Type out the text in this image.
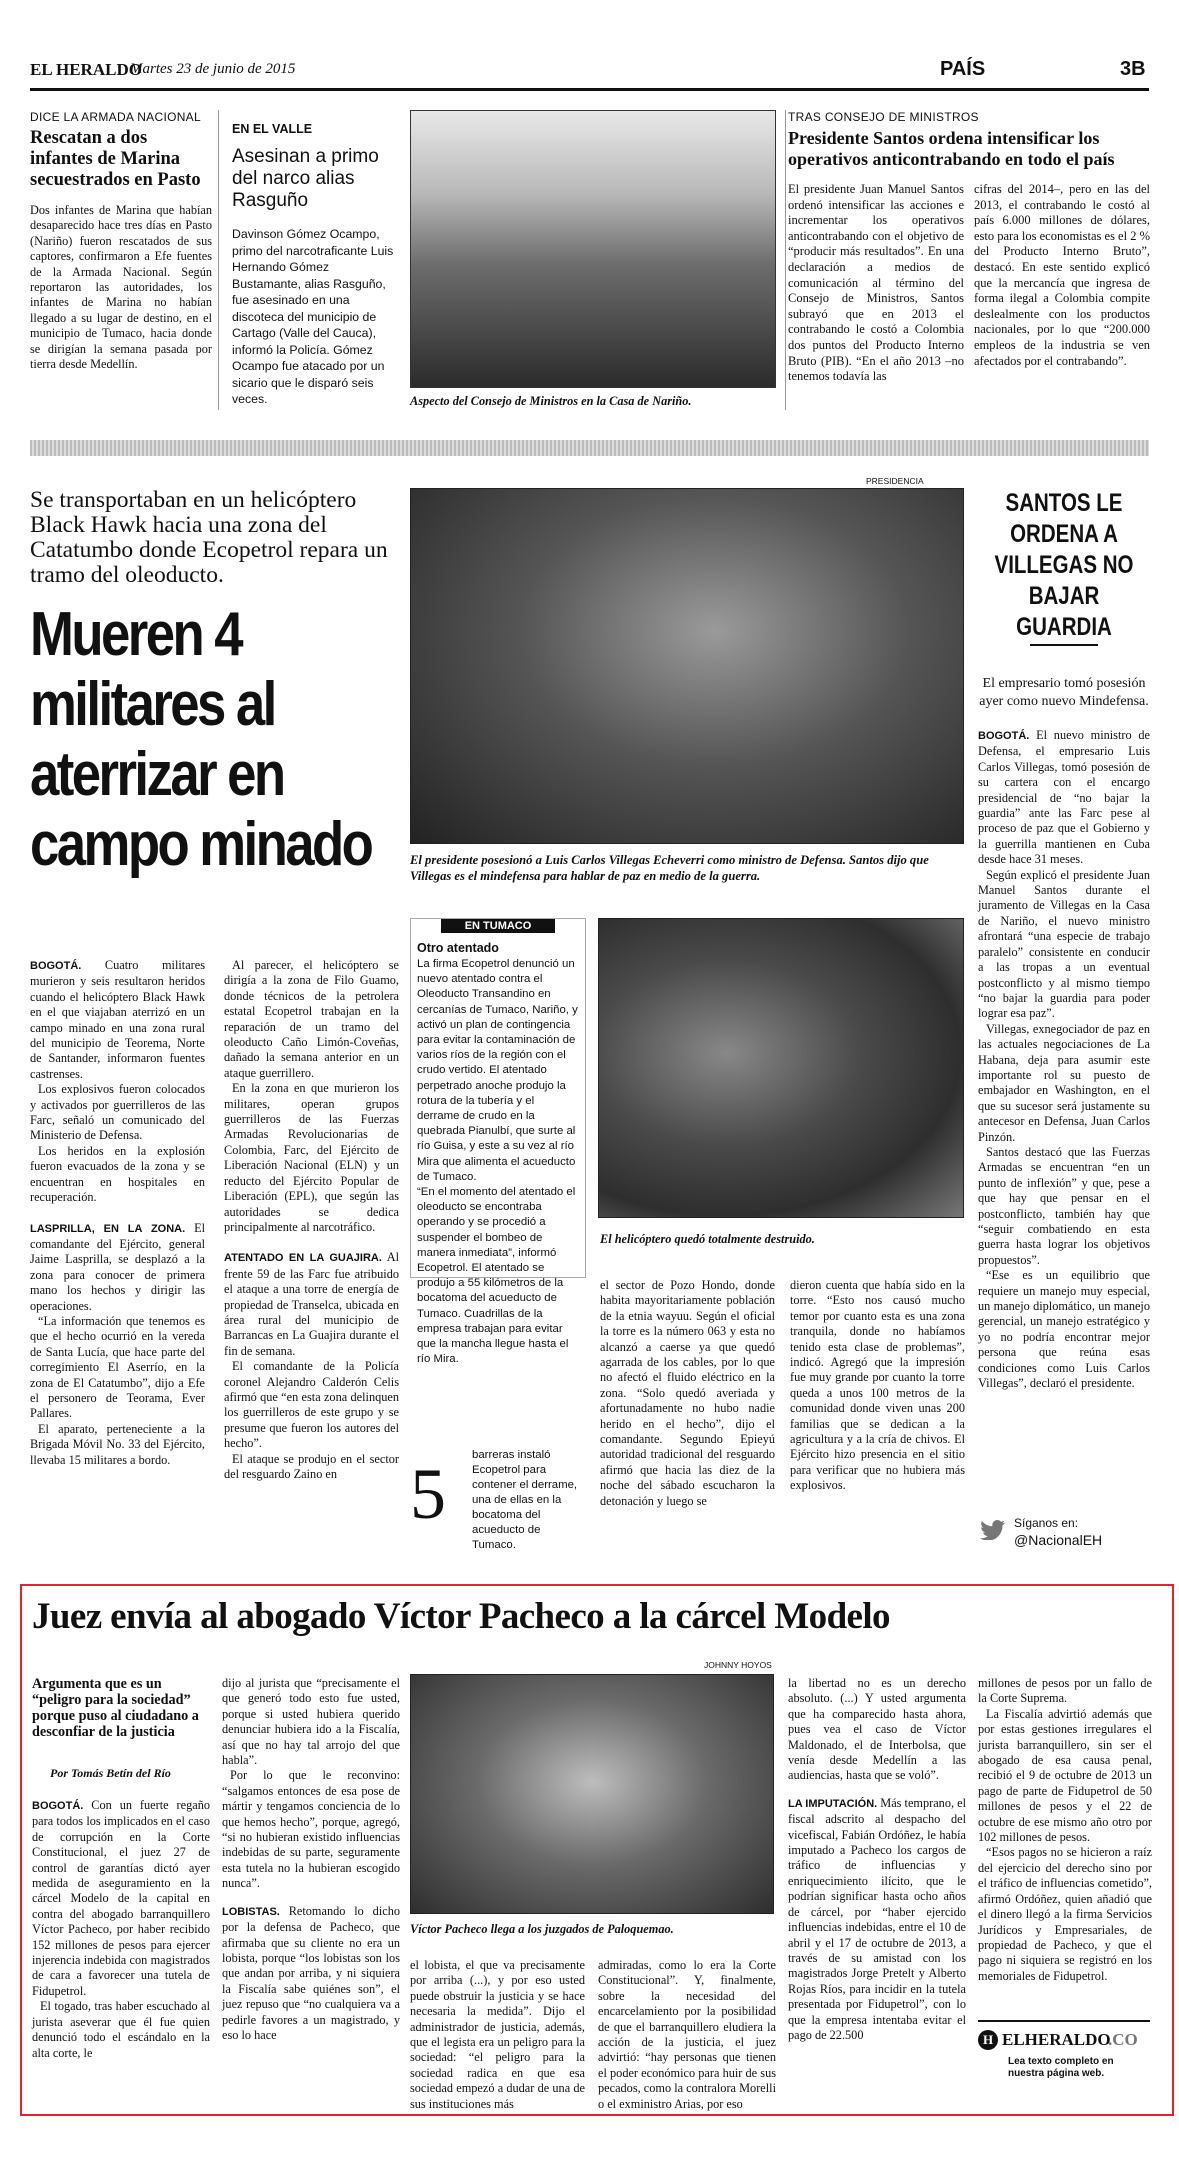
EL HERALDO
Martes 23 de junio de 2015	PAÍS	3B
DICE LA ARMADA NACIONAL
Rescatan a dos infantes de Marina secuestrados en Pasto
Dos infantes de Marina que habían desaparecido hace tres días en Pasto (Nariño) fueron rescatados de sus captores, confirmaron a Efe fuentes de la Armada Nacional. Según reportaron las autoridades, los infantes de Marina no habían llegado a su lugar de destino, en el municipio de Tumaco, hacia donde se dirigían la semana pasada por tierra desde Medellín.
EN EL VALLE
Asesinan a primo del narco alias Rasguño
Davinson Gómez Ocampo, primo del narcotraficante Luis Hernando Gómez Bustamante, alias Rasguño, fue asesinado en una discoteca del municipio de Cartago (Valle del Cauca), informó la Policía. Gómez Ocampo fue atacado por un sicario que le disparó seis veces.	Aspecto del Consejo de Ministros en la Casa de Nariño.
TRAS CONSEJO DE MINISTROS
Presidente Santos ordena intensificar los operativos anticontrabando en todo el país
El presidente Juan Manuel Santos ordenó intensificar las acciones e incrementar los operativos anticontrabando con el objetivo de “producir más resultados”. En una declaración a medios de comunicación al término del Consejo de Ministros, Santos subrayó que en 2013 el contrabando le costó a Colombia dos puntos del Producto Interno Bruto (PIB). “En el año 2013 –no tenemos todavía las
cifras del 2014–, pero en las del 2013, el contrabando le costó al país 6.000 millones de dólares, esto para los economistas es el 2 % del Producto Interno Bruto”, destacó. En este sentido explicó que la mercancía que ingresa de forma ilegal a Colombia compite deslealmente con los productos nacionales, por lo que “200.000 empleos de la industria se ven afectados por el contrabando”.
Se transportaban en un helicóptero Black Hawk hacia una zona del Catatumbo donde Ecopetrol repara un tramo del oleoducto.
Mueren 4
militares al
aterrizar en
campo minado
PRESIDENCIA
El presidente posesionó a Luis Carlos Villegas Echeverri como ministro de Defensa. Santos dijo que Villegas es el mindefensa para hablar de paz en medio de la guerra.

BOGOTÁ. Cuatro militares murieron y seis resultaron heridos cuando el helicóptero Black Hawk en el que viajaban aterrizó en un campo minado en una zona rural del municipio de Teorema, Norte de Santander, informaron fuentes castrenses.

Los explosivos fueron colocados y activados por guerrilleros de las Farc, señaló un comunicado del Ministerio de Defensa.

Los heridos en la explosión fueron evacuados de la zona y se encuentran en hospitales en recuperación.

LASPRILLA, EN LA ZONA. El comandante del Ejército, general Jaime Lasprilla, se desplazó a la zona para conocer de primera mano los hechos y dirigir las operaciones.

“La información que tenemos es que el hecho ocurrió en la vereda de Santa Lucía, que hace parte del corregimiento El Aserrío, en la zona de El Catatumbo”, dijo a Efe el personero de Teorama, Ever Pallares.

El aparato, perteneciente a la Brigada Móvil No. 33 del Ejército, llevaba 15 militares a bordo.

Al parecer, el helicóptero se dirigía a la zona de Filo Guamo, donde técnicos de la petrolera estatal Ecopetrol trabajan en la reparación de un tramo del oleoducto Caño Limón-Coveñas, dañado la semana anterior en un ataque guerrillero.

En la zona en que murieron los militares, operan grupos guerrilleros de las Fuerzas Armadas Revolucionarias de Colombia, Farc, del Ejército de Liberación Nacional (ELN) y un reducto del Ejército Popular de Liberación (EPL), que según las autoridades se dedica principalmente al narcotráfico.

ATENTADO EN LA GUAJIRA. Al frente 59 de las Farc fue atribuido el ataque a una torre de energía de propiedad de Transelca, ubicada en área rural del municipio de Barrancas en La Guajira durante el fin de semana.

El comandante de la Policía coronel Alejandro Calderón Celis afirmó que “en esta zona delinquen los guerrilleros de este grupo y se presume que fueron los autores del hecho”.

El ataque se produjo en el sector del resguardo Zaino en

EN TUMACO
Otro atentado
La firma Ecopetrol denunció un nuevo atentado contra el Oleoducto Transandino en cercanías de Tumaco, Nariño, y activó un plan de contingencia para evitar la contaminación de varios ríos de la región con el crudo vertido. El atentado perpetrado anoche produjo la rotura de la tubería y el derrame de crudo en la quebrada Pianulbí, que surte al río Guisa, y este a su vez al río Mira que alimenta el acueducto de Tumaco.
“En el momento del atentado el oleoducto se encontraba operando y se procedió a suspender el bombeo de manera inmediata”, informó Ecopetrol. El atentado se produjo a 55 kilómetros de la bocatoma del acueducto de Tumaco. Cuadrillas de la empresa trabajan para evitar que la mancha llegue hasta el río Mira.
5 barreras instaló Ecopetrol para contener el derrame, una de ellas en la bocatoma del acueducto de Tumaco.
El helicóptero quedó totalmente destruido.
el sector de Pozo Hondo, donde habita mayoritariamente población de la etnia wayuu. Según el oficial la torre es la número 063 y esta no alcanzó a caerse ya que quedó agarrada de los cables, por lo que no afectó el fluido eléctrico en la zona. “Solo quedó averiada y afortunadamente no hubo nadie herido en el hecho”, dijo el comandante. Segundo Epieyú autoridad tradicional del resguardo afirmó que hacia las diez de la noche del sábado escucharon la detonación y luego se
dieron cuenta que había sido en la torre. “Esto nos causó mucho temor por cuanto esta es una zona tranquila, donde no habíamos tenido esta clase de problemas”, indicó. Agregó que la impresión fue muy grande por cuanto la torre queda a unos 100 metros de la comunidad donde viven unas 200 familias que se dedican a la agricultura y a la cría de chivos. El Ejército hizo presencia en el sitio para verificar que no hubiera más explosivos.
SANTOS LE ORDENA A VILLEGAS NO BAJAR GUARDIA
El empresario tomó posesión ayer como nuevo Mindefensa.

BOGOTÁ. El nuevo ministro de Defensa, el empresario Luis Carlos Villegas, tomó posesión de su cartera con el encargo presidencial de “no bajar la guardia” ante las Farc pese al proceso de paz que el Gobierno y la guerrilla mantienen en Cuba desde hace 31 meses.

Según explicó el presidente Juan Manuel Santos durante el juramento de Villegas en la Casa de Nariño, el nuevo ministro afrontará “una especie de trabajo paralelo” consistente en conducir a las tropas a un eventual postconflicto y al mismo tiempo “no bajar la guardia para poder lograr esa paz”.

Villegas, exnegociador de paz en las actuales negociaciones de La Habana, deja para asumir este importante rol su puesto de embajador en Washington, en el que su sucesor será justamente su antecesor en Defensa, Juan Carlos Pinzón.

Santos destacó que las Fuerzas Armadas se encuentran “en un punto de inflexión” y que, pese a que hay que pensar en el postconflicto, también hay que “seguir combatiendo en esta guerra hasta lograr los objetivos propuestos”.

“Ese es un equilibrio que requiere un manejo muy especial, un manejo diplomático, un manejo gerencial, un manejo estratégico y yo no podría encontrar mejor persona que reúna esas condiciones como Luis Carlos Villegas”, declaró el presidente.

Síganos en:
@NacionalEH
Juez envía al abogado Víctor Pacheco a la cárcel Modelo
Argumenta que es un “peligro para la sociedad” porque puso al ciudadano a desconfiar de la justicia
Por Tomás Betín del Río

BOGOTÁ. Con un fuerte regaño para todos los implicados en el caso de corrupción en la Corte Constitucional, el juez 27 de control de garantías dictó ayer medida de aseguramiento en la cárcel Modelo de la capital en contra del abogado barranquillero Víctor Pacheco, por haber recibido 152 millones de pesos para ejercer injerencia indebida con magistrados de cara a favorecer una tutela de Fidupetrol.

El togado, tras haber escuchado al jurista aseverar que él fue quien denunció todo el escándalo en la alta corte, le

dijo al jurista que “precisamente el que generó todo esto fue usted, porque si usted hubiera querido denunciar hubiera ido a la Fiscalía, así que no hay tal arrojo del que habla”.

Por lo que le reconvino: “salgamos entonces de esa pose de mártir y tengamos conciencia de lo que hemos hecho”, porque, agregó, “si no hubieran existido influencias indebidas de su parte, seguramente esta tutela no la hubieran escogido nunca”.

LOBISTAS. Retomando lo dicho por la defensa de Pacheco, que afirmaba que su cliente no era un lobista, porque “los lobistas son los que andan por arriba, y ni siquiera la Fiscalía sabe quiénes son”, el juez repuso que “no cualquiera va a pedirle favores a un magistrado, y eso lo hace

JOHNNY HOYOS
Víctor Pacheco llega a los juzgados de Paloquemao.
el lobista, el que va precisamente por arriba (...), y por eso usted puede obstruir la justicia y se hace necesaria la medida”. Dijo el administrador de justicia, además, que el legista era un peligro para la sociedad: “el peligro para la sociedad radica en que esa sociedad empezó a dudar de una de sus instituciones más
admiradas, como lo era la Corte Constitucional”. Y, finalmente, sobre la necesidad del encarcelamiento por la posibilidad de que el barranquillero eludiera la acción de la justicia, el juez advirtió: “hay personas que tienen el poder económico para huir de sus pecados, como la contralora Morelli o el exministro Arias, por eso

la libertad no es un derecho absoluto. (...) Y usted argumenta que ha comparecido hasta ahora, pues vea el caso de Víctor Maldonado, el de Interbolsa, que venía desde Medellín a las audiencias, hasta que se voló”.

LA IMPUTACIÓN. Más temprano, el fiscal adscrito al despacho del vicefiscal, Fabián Ordóñez, le había imputado a Pacheco los cargos de tráfico de influencias y enriquecimiento ilícito, que le podrían significar hasta ocho años de cárcel, por “haber ejercido influencias indebidas, entre el 10 de abril y el 17 de octubre de 2013, a través de su amistad con los magistrados Jorge Pretelt y Alberto Rojas Ríos, para incidir en la tutela presentada por Fidupetrol”, con lo que la empresa intentaba evitar el pago de 22.500

millones de pesos por un fallo de la Corte Suprema.

La Fiscalía advirtió además que por estas gestiones irregulares el jurista barranquillero, sin ser el abogado de esa causa penal, recibió el 9 de octubre de 2013 un pago de parte de Fidupetrol de 50 millones de pesos y el 22 de octubre de ese mismo año otro por 102 millones de pesos.

“Esos pagos no se hicieron a raíz del ejercicio del derecho sino por el tráfico de influencias cometido”, afirmó Ordóñez, quien añadió que el dinero llegó a la firma Servicios Jurídicos y Empresariales, de propiedad de Pacheco, y que el pago ni siquiera se registró en los memoriales de Fidupetrol.

H ELHERALDO
.CO
Lea texto completo en nuestra página web.
